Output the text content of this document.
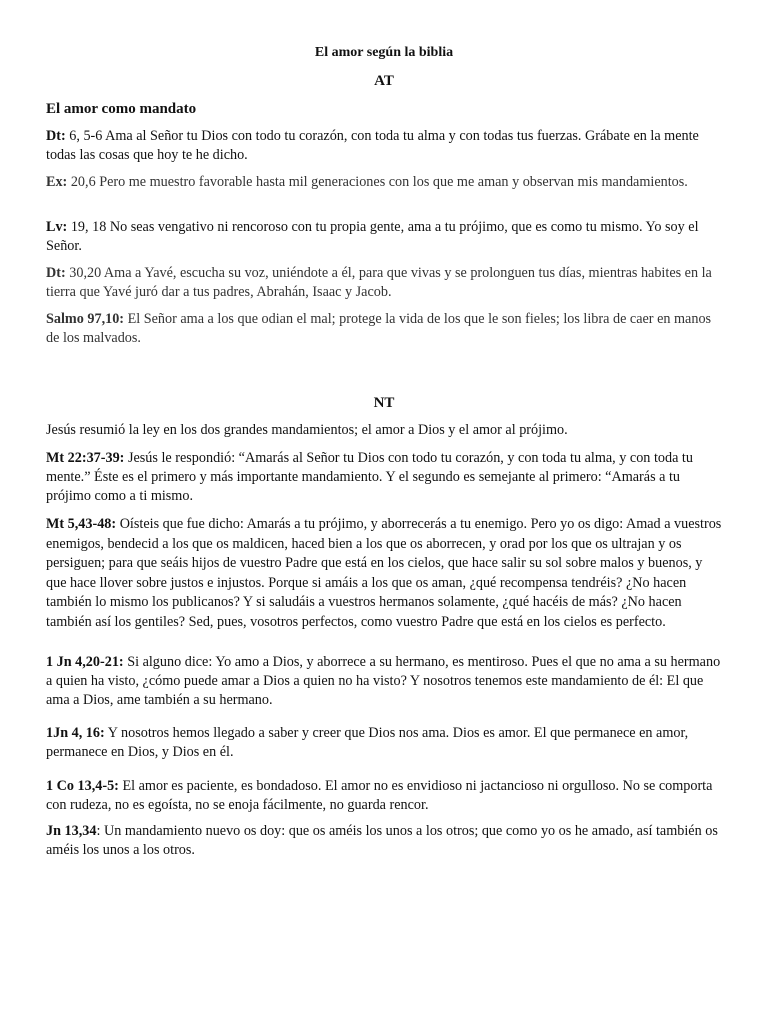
El amor según la biblia
AT
El amor como mandato

Dt: 6, 5-6 Ama al Señor tu Dios con todo tu corazón, con toda tu alma y con todas tus fuerzas. Grábate en la mente todas las cosas que hoy te he dicho.

Ex: 20,6 Pero me muestro favorable hasta mil generaciones con los que me aman y observan mis mandamientos.

Lv: 19, 18 No seas vengativo ni rencoroso con tu propia gente, ama a tu prójimo, que es como tu mismo. Yo soy el Señor.

Dt: 30,20 Ama a Yavé, escucha su voz, uniéndote a él, para que vivas y se prolonguen tus días, mientras habites en la tierra que Yavé juró dar a tus padres, Abrahán, Isaac y Jacob.

Salmo 97,10: El Señor ama a los que odian el mal; protege la vida de los que le son fieles; los libra de caer en manos de los malvados.

NT

Jesús resumió la ley en los dos grandes mandamientos; el amor a Dios y el amor al prójimo.

Mt 22:37-39: Jesús le respondió: “Amarás al Señor tu Dios con todo tu corazón, y con toda tu alma, y con toda tu mente.” Éste es el primero y más importante mandamiento. Y el segundo es semejante al primero: “Amarás a tu prójimo como a ti mismo.

Mt 5,43-48: Oísteis que fue dicho: Amarás a tu prójimo, y aborrecerás a tu enemigo. Pero yo os digo: Amad a vuestros enemigos, bendecid a los que os maldicen, haced bien a los que os aborrecen, y orad por los que os ultrajan y os persiguen; para que seáis hijos de vuestro Padre que está en los cielos, que hace salir su sol sobre malos y buenos, y que hace llover sobre justos e injustos. Porque si amáis a los que os aman, ¿qué recompensa tendréis? ¿No hacen también lo mismo los publicanos? Y si saludáis a vuestros hermanos solamente, ¿qué hacéis de más? ¿No hacen también así los gentiles? Sed, pues, vosotros perfectos, como vuestro Padre que está en los cielos es perfecto.

1 Jn 4,20-21: Si alguno dice: Yo amo a Dios, y aborrece a su hermano, es mentiroso. Pues el que no ama a su hermano a quien ha visto, ¿cómo puede amar a Dios a quien no ha visto? Y nosotros tenemos este mandamiento de él: El que ama a Dios, ame también a su hermano.

1Jn 4, 16: Y nosotros hemos llegado a saber y creer que Dios nos ama. Dios es amor. El que permanece en amor, permanece en Dios, y Dios en él.

1 Co 13,4-5: El amor es paciente, es bondadoso. El amor no es envidioso ni jactancioso ni orgulloso. No se comporta con rudeza, no es egoísta, no se enoja fácilmente, no guarda rencor.

Jn 13,34: Un mandamiento nuevo os doy: que os améis los unos a los otros; que como yo os he amado, así también os améis los unos a los otros.
